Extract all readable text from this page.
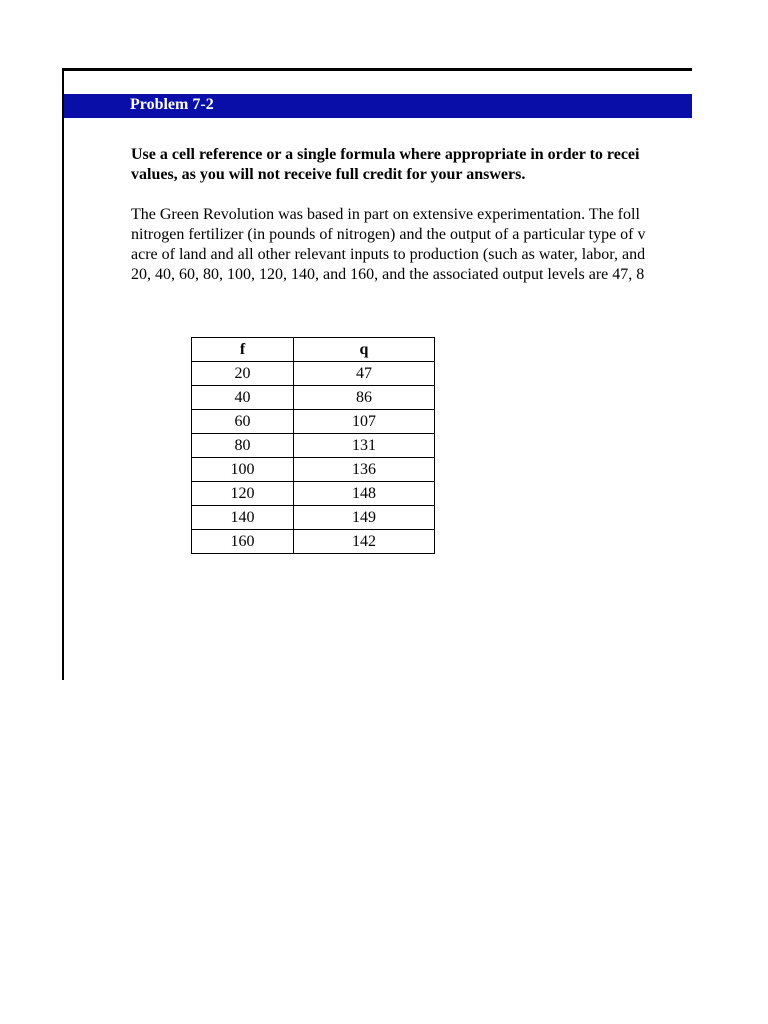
Problem 7-2
Use a cell reference or a single formula where appropriate in order to recei
values, as you will not receive full credit for your answers.
The Green Revolution was based in part on extensive experimentation. The foll
nitrogen fertilizer (in pounds of nitrogen) and the output of a particular type of v
acre of land and all other relevant inputs to production (such as water, labor, and
20, 40, 60, 80, 100, 120, 140, and 160, and the associated output levels are 47, 8
f	q
20	47
40	86
60	107
80	131
100	136
120	148
140	149
160	142
